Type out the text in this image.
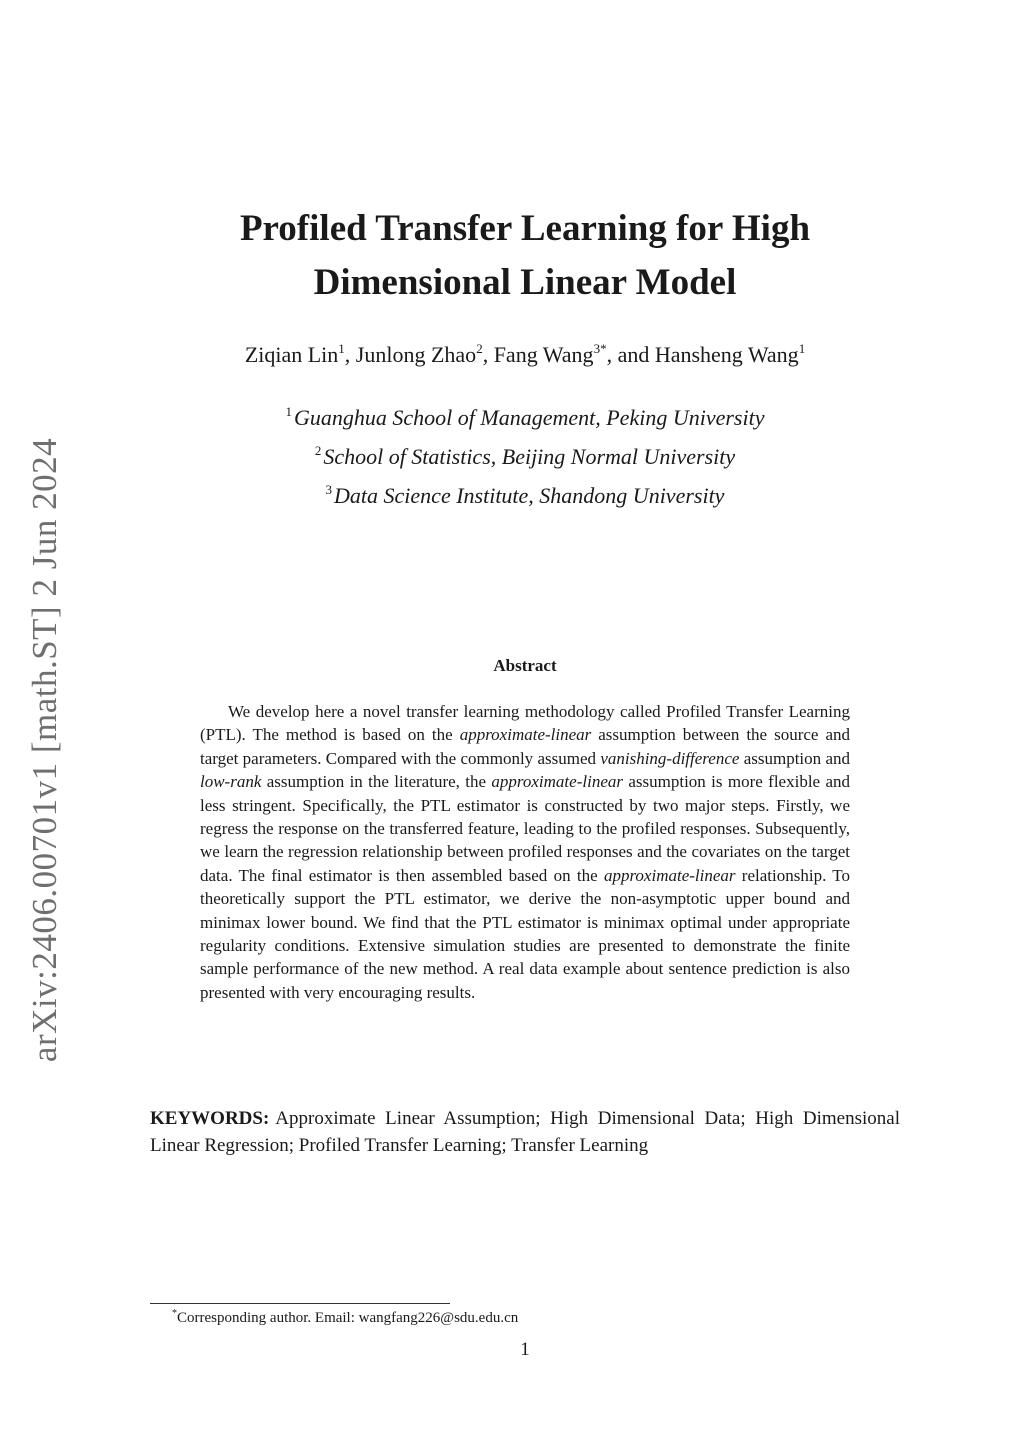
arXiv:2406.00701v1 [math.ST] 2 Jun 2024
Profiled Transfer Learning for High
Dimensional Linear Model
Ziqian Lin$^1$, Junlong Zhao$^2$, Fang Wang$^{3*}$, and Hansheng Wang$^1$
$^1$Guanghua School of Management, Peking University
$^2$School of Statistics, Beijing Normal University
$^3$Data Science Institute, Shandong University
Abstract

We develop here a novel transfer learning methodology called Profiled Transfer Learning (PTL). The method is based on the approximate-linear assumption between the source and target parameters. Compared with the commonly assumed vanishing-difference assumption and low-rank assumption in the literature, the approximate-linear assumption is more flexible and less stringent. Specifically, the PTL estimator is constructed by two major steps. Firstly, we regress the response on the transferred feature, leading to the profiled responses. Subsequently, we learn the regression relationship between profiled responses and the covariates on the target data. The final estimator is then assembled based on the approximate-linear relationship. To theoretically support the PTL estimator, we derive the non-asymptotic upper bound and minimax lower bound. We find that the PTL estimator is minimax optimal under appropriate regularity conditions. Extensive simulation studies are presented to demonstrate the finite sample performance of the new method. A real data example about sentence prediction is also presented with very encouraging results.

KEYWORDS: Approximate Linear Assumption; High Dimensional Data; High Dimensional Linear Regression; Profiled Transfer Learning; Transfer Learning

*Corresponding author. Email: wangfang226@sdu.edu.cn
1
